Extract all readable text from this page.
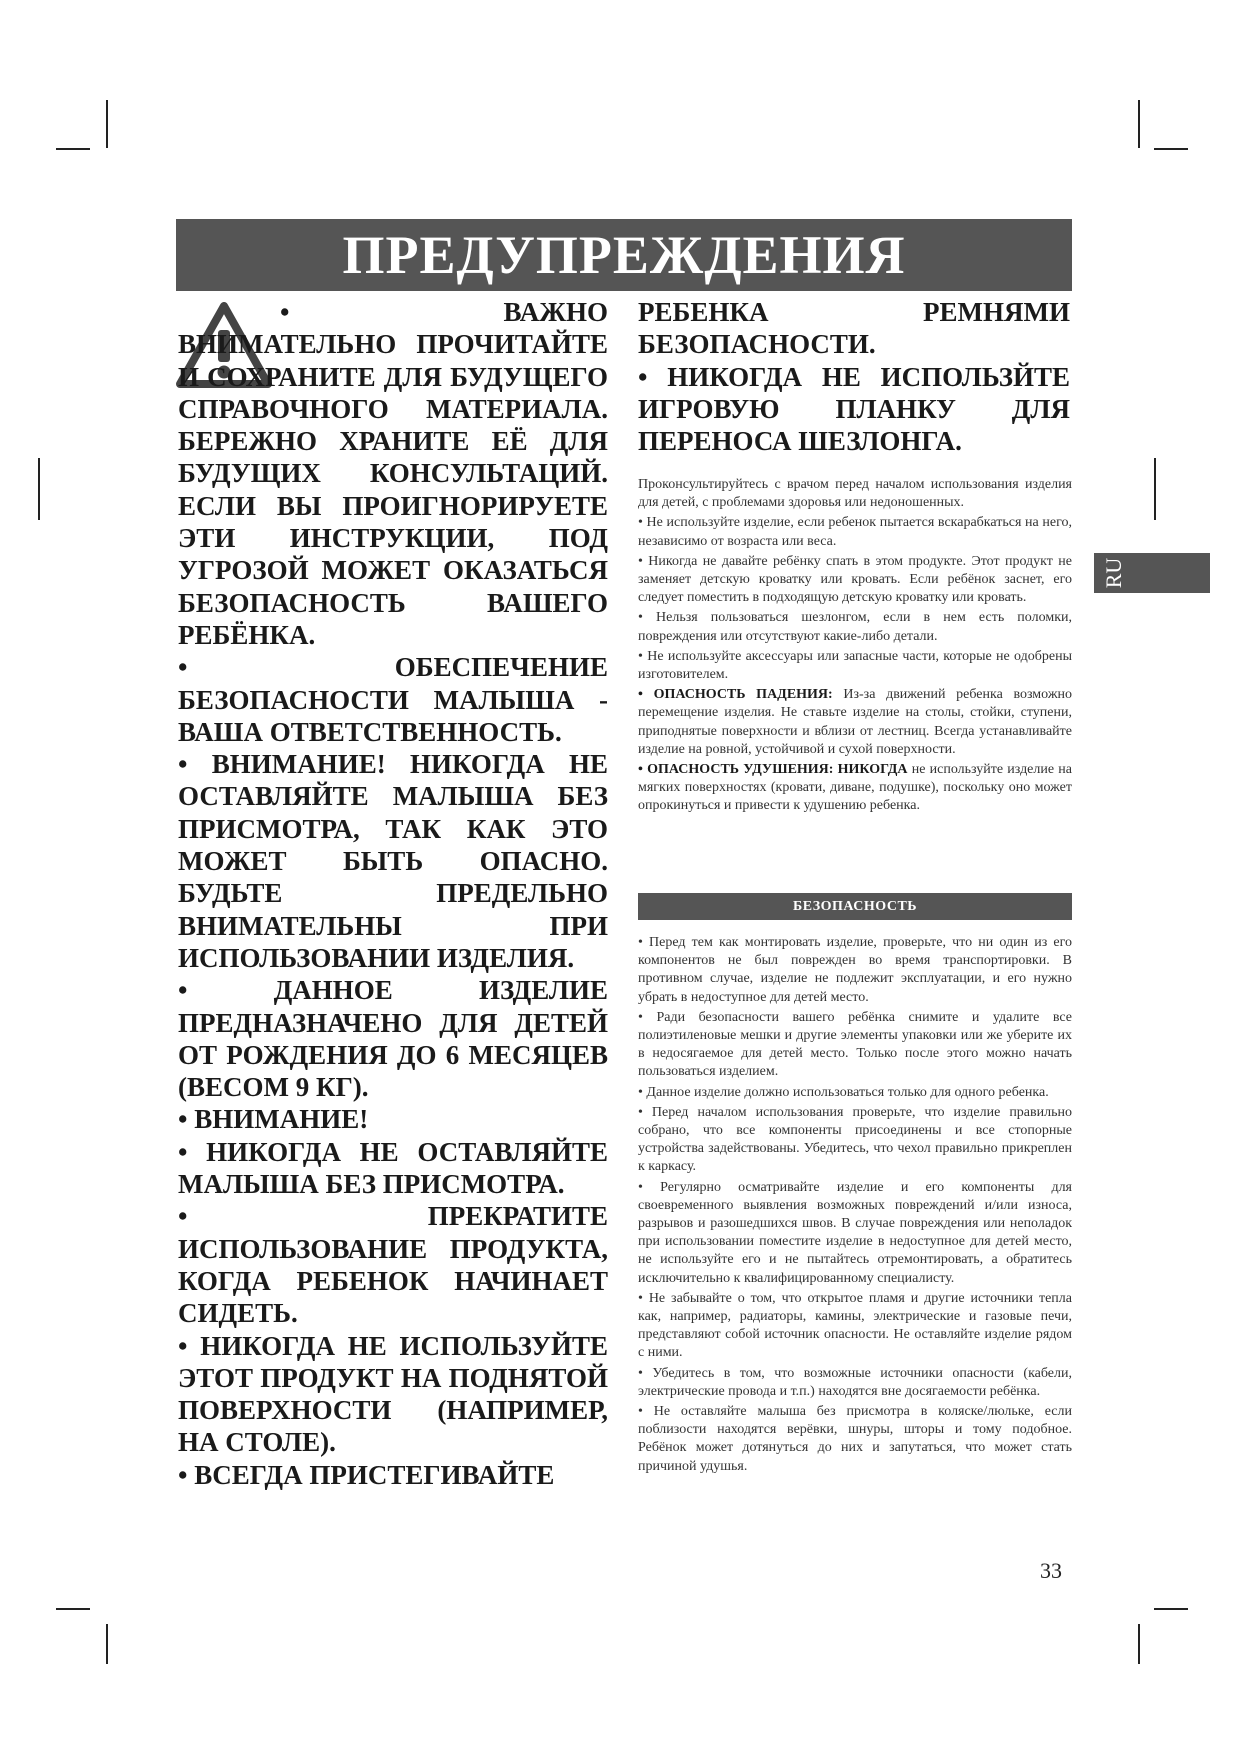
ПРЕДУПРЕЖДЕНИЯ

• ВАЖНО ВНИМАТЕЛЬНО ПРОЧИТАЙТЕ И СОХРАНИТЕ ДЛЯ БУДУЩЕГО СПРАВОЧНОГО МАТЕРИАЛА. БЕРЕЖНО ХРАНИТЕ ЕЁ ДЛЯ БУДУЩИХ КОНСУЛЬТАЦИЙ. ЕСЛИ ВЫ ПРОИГНОРИРУЕТЕ ЭТИ ИНСТРУКЦИИ, ПОД УГРОЗОЙ МОЖЕТ ОКАЗАТЬСЯ БЕЗОПАСНОСТЬ ВАШЕГО РЕБЁНКА.

• ОБЕСПЕЧЕНИЕ БЕЗОПАСНОСТИ МАЛЫША - ВАША ОТВЕТСТВЕННОСТЬ.

• ВНИМАНИЕ! НИКОГДА НЕ ОСТАВЛЯЙТЕ МАЛЫША БЕЗ ПРИСМОТРА, ТАК КАК ЭТО МОЖЕТ БЫТЬ ОПАСНО. БУДЬТЕ ПРЕДЕЛЬНО ВНИМАТЕЛЬНЫ ПРИ ИСПОЛЬЗОВАНИИ ИЗДЕЛИЯ.

• ДАННОЕ ИЗДЕЛИЕ ПРЕДНАЗНАЧЕНО ДЛЯ ДЕТЕЙ ОТ РОЖДЕНИЯ ДО 6 МЕСЯЦЕВ (ВЕСОМ 9 КГ).

• ВНИМАНИЕ!

• НИКОГДА НЕ ОСТАВЛЯЙТЕ МАЛЫША БЕЗ ПРИСМОТРА.

• ПРЕКРАТИТЕ ИСПОЛЬЗОВАНИЕ ПРОДУКТА, КОГДА РЕБЕНОК НАЧИНАЕТ СИДЕТЬ.

• НИКОГДА НЕ ИСПОЛЬЗУЙТЕ ЭТОТ ПРОДУКТ НА ПОДНЯТОЙ ПОВЕРХНОСТИ (НАПРИМЕР, НА СТОЛЕ).

• ВСЕГДА ПРИСТЕГИВАЙТЕ

РЕБЕНКА РЕМНЯМИ БЕЗОПАСНОСТИ.

• НИКОГДА НЕ ИСПОЛЬЗЙТЕ ИГРОВУЮ ПЛАНКУ ДЛЯ ПЕРЕНОСА ШЕЗЛОНГА.

Проконсультируйтесь с врачом перед началом использования изделия для детей, с проблемами здоровья или недоношенных.

• Не используйте изделие, если ребенок пытается вскарабкаться на него, независимо от возраста или веса.

• Никогда не давайте ребёнку спать в этом продукте. Этот продукт не заменяет детскую кроватку или кровать. Если ребёнок заснет, его следует поместить в подходящую детскую кроватку или кровать.

• Нельзя пользоваться шезлонгом, если в нем есть поломки, повреждения или отсутствуют какие-либо детали.

• Не используйте аксессуары или запасные части, которые не одобрены изготовителем.

• ОПАСНОСТЬ ПАДЕНИЯ: Из-за движений ребенка возможно перемещение изделия. Не ставьте изделие на столы, стойки, ступени, приподнятые поверхности и вблизи от лестниц. Всегда устанавливайте изделие на ровной, устойчивой и сухой поверхности.

• ОПАСНОСТЬ УДУШЕНИЯ: НИКОГДА не используйте изделие на мягких поверхностях (кровати, диване, подушке), поскольку оно может опрокинуться и привести к удушению ребенка.

БЕЗОПАСНОСТЬ

• Перед тем как монтировать изделие, проверьте, что ни один из его компонентов не был поврежден во время транспортировки. В противном случае, изделие не подлежит эксплуатации, и его нужно убрать в недоступное для детей место.

• Ради безопасности вашего ребёнка снимите и удалите все полиэтиленовые мешки и другие элементы упаковки или же уберите их в недосягаемое для детей место. Только после этого можно начать пользоваться изделием.

• Данное изделие должно использоваться только для одного ребенка.

• Перед началом использования проверьте, что изделие правильно собрано, что все компоненты присоединены и все стопорные устройства задействованы. Убедитесь, что чехол правильно прикреплен к каркасу.

• Регулярно осматривайте изделие и его компоненты для своевременного выявления возможных повреждений и/или износа, разрывов и разошедшихся швов. В случае повреждения или неполадок при использовании поместите изделие в недоступное для детей место, не используйте его и не пытайтесь отремонтировать, а обратитесь исключительно к квалифицированному специалисту.

• Не забывайте о том, что открытое пламя и другие источники тепла как, например, радиаторы, камины, электрические и газовые печи, представляют собой источник опасности. Не оставляйте изделие рядом с ними.

• Убедитесь в том, что возможные источники опасности (кабели, электрические провода и т.п.) находятся вне досягаемости ребёнка.

• Не оставляйте малыша без присмотра в коляске/люльке, если поблизости находятся верёвки, шнуры, шторы и тому подобное. Ребёнок может дотянуться до них и запутаться, что может стать причиной удушья.

RU
33
